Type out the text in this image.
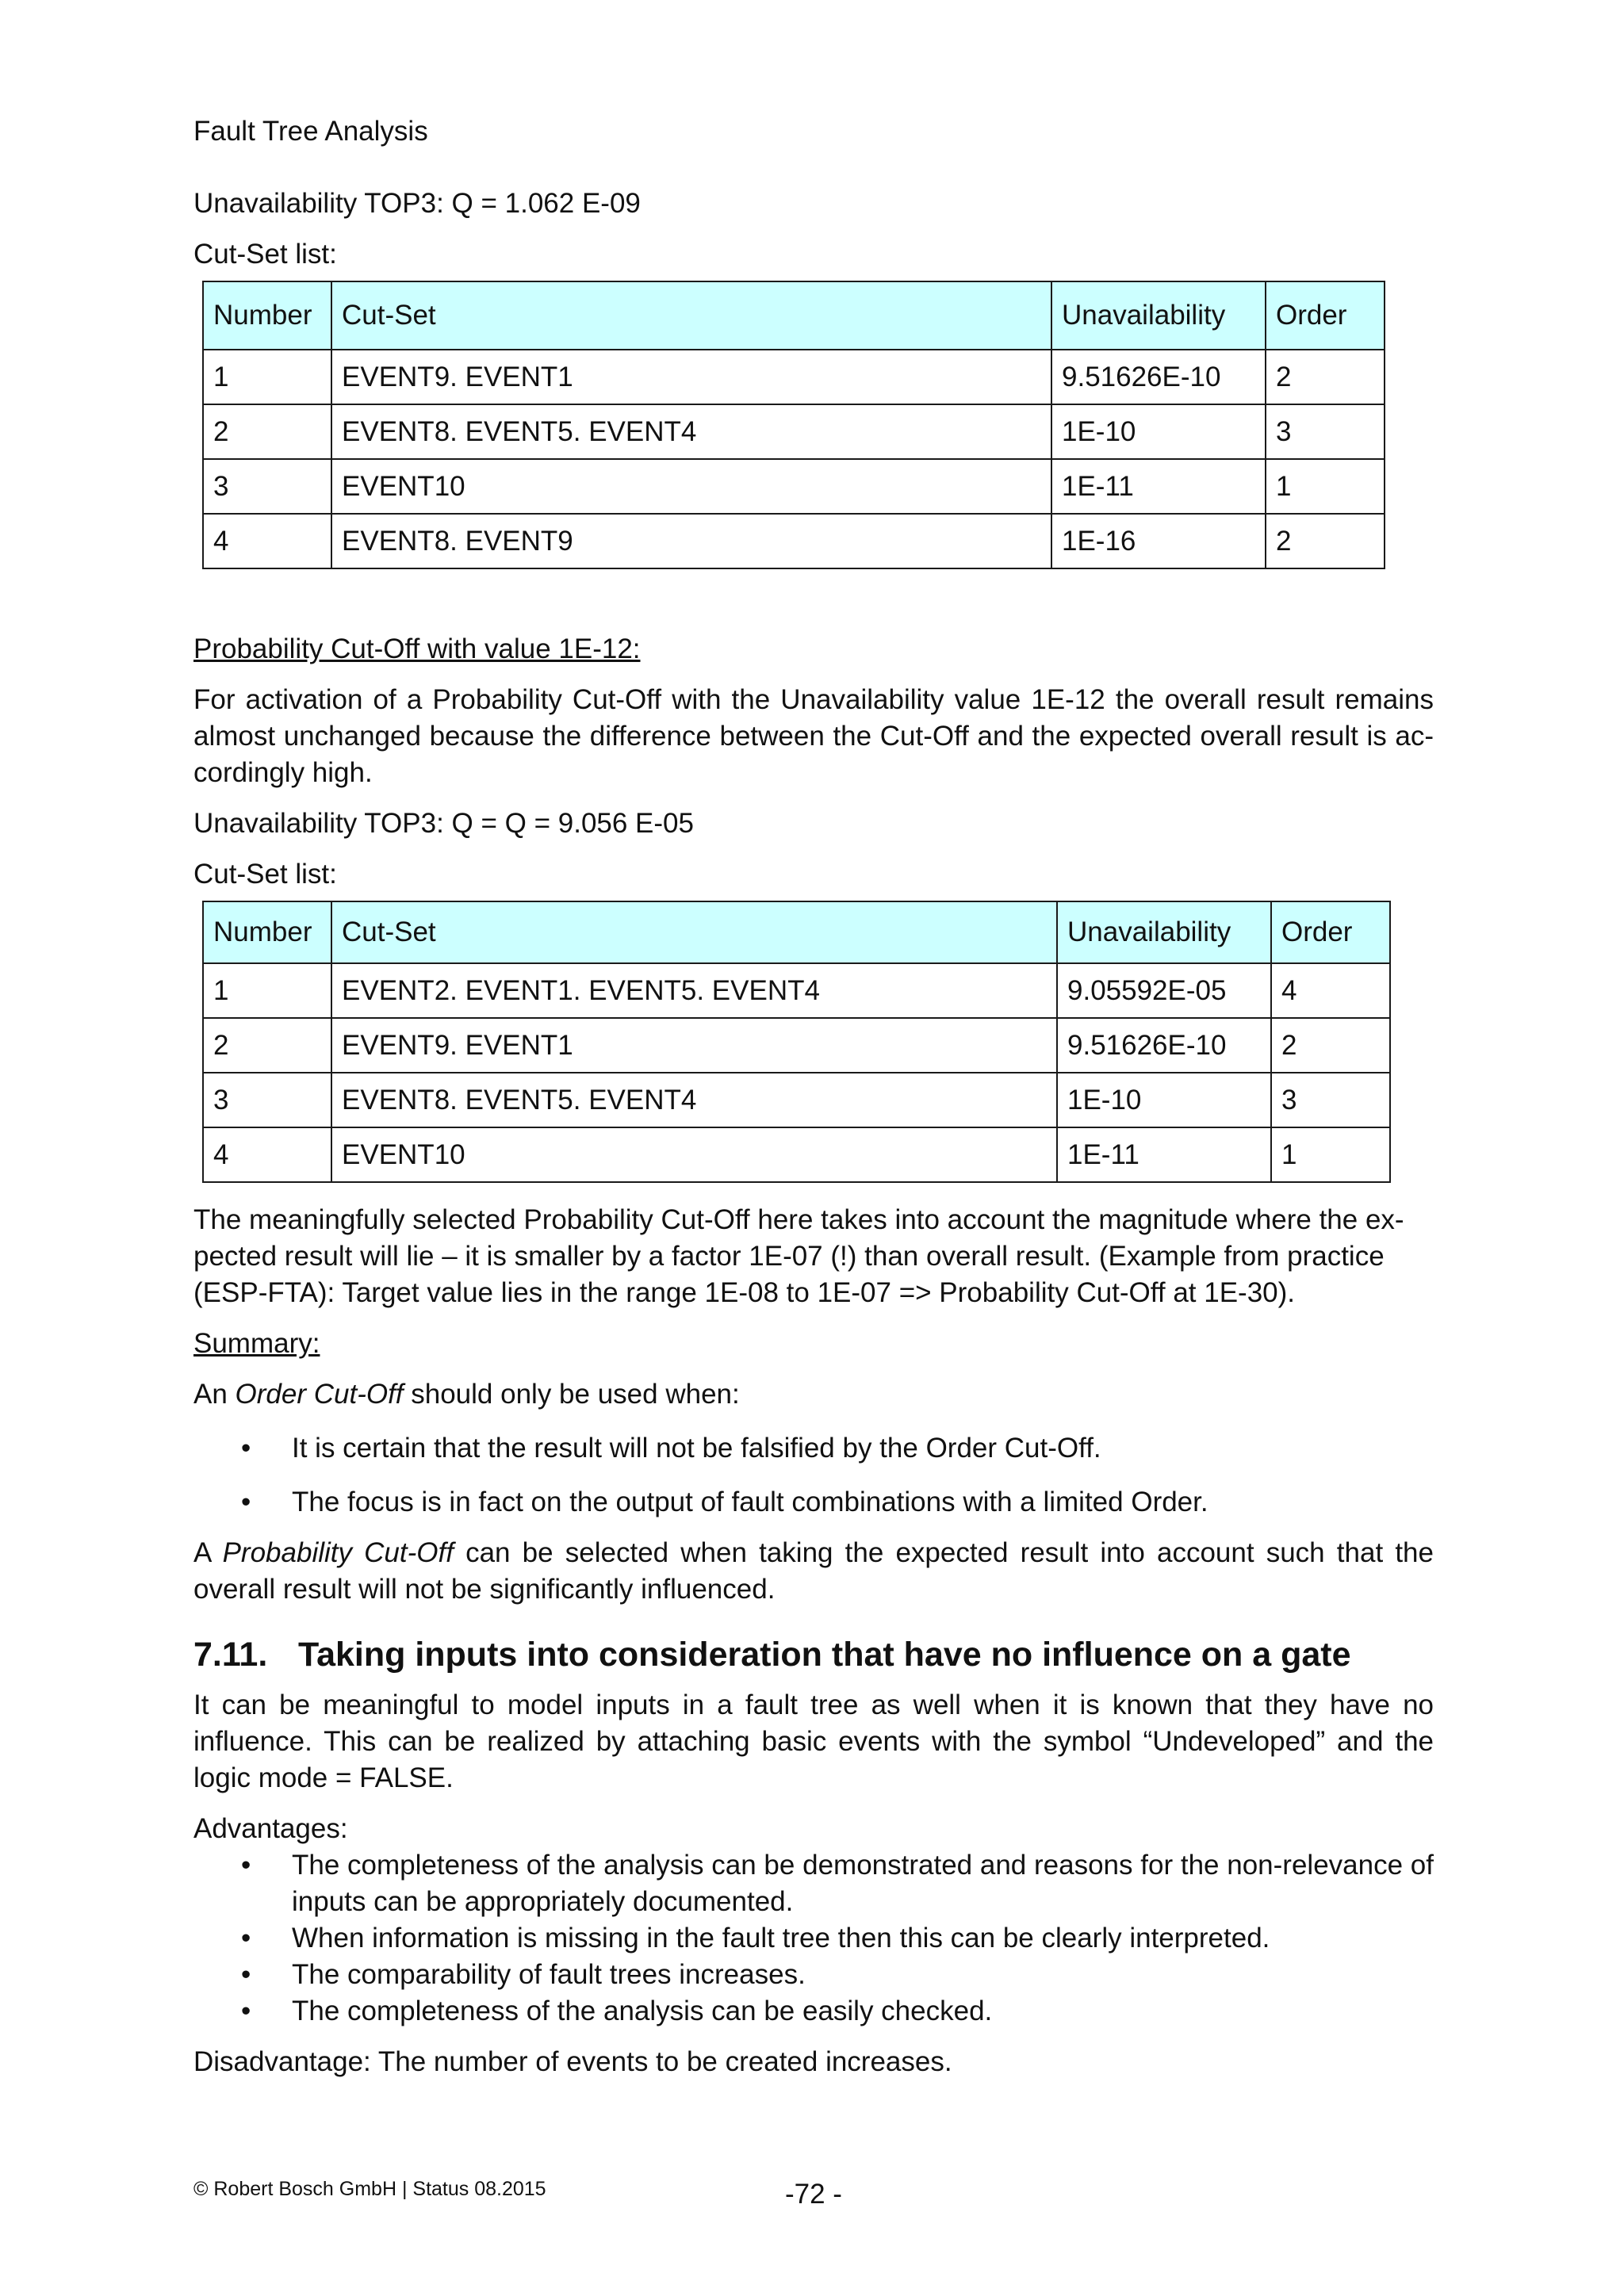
Fault Tree Analysis

Unavailability TOP3: Q = 1.062 E-09

Cut-Set list:

Number	Cut-Set	Unavailability	Order
1	EVENT9. EVENT1	9.51626E-10	2
2	EVENT8. EVENT5. EVENT4	1E-10	3
3	EVENT10	1E-11	1
4	EVENT8. EVENT9	1E-16	2

Probability Cut-Off with value 1E-12:

For activation of a Probability Cut-Off with the Unavailability value 1E-12 the overall result remains almost unchanged because the difference between the Cut-Off and the expected overall result is accordingly high.

Unavailability TOP3: Q = Q = 9.056 E-05

Cut-Set list:

Number	Cut-Set	Unavailability	Order
1	EVENT2. EVENT1. EVENT5. EVENT4	9.05592E-05	4
2	EVENT9. EVENT1	9.51626E-10	2
3	EVENT8. EVENT5. EVENT4	1E-10	3
4	EVENT10	1E-11	1
The meaningfully selected Probability Cut-Off here takes into account the magnitude where the ex-
pected result will lie – it is smaller by a factor 1E-07 (!) than overall result. (Example from practice
(ESP-FTA): Target value lies in the range 1E-08 to 1E-07 => Probability Cut-Off at 1E-30).

Summary:

An Order Cut-Off should only be used when:

• It is certain that the result will not be falsified by the Order Cut-Off.
• The focus is in fact on the output of fault combinations with a limited Order.

A Probability Cut-Off can be selected when taking the expected result into account such that the overall result will not be significantly influenced.

7.11. Taking inputs into consideration that have no influence on a gate

It can be meaningful to model inputs in a fault tree as well when it is known that they have no influence. This can be realized by attaching basic events with the symbol “Undeveloped” and the logic mode = FALSE.

Advantages:

• The completeness of the analysis can be demonstrated and reasons for the non-relevance of inputs can be appropriately documented.
• When information is missing in the fault tree then this can be clearly interpreted.
• The comparability of fault trees increases.
• The completeness of the analysis can be easily checked.

Disadvantage: The number of events to be created increases.

© Robert Bosch GmbH | Status 08.2015	-72 -
